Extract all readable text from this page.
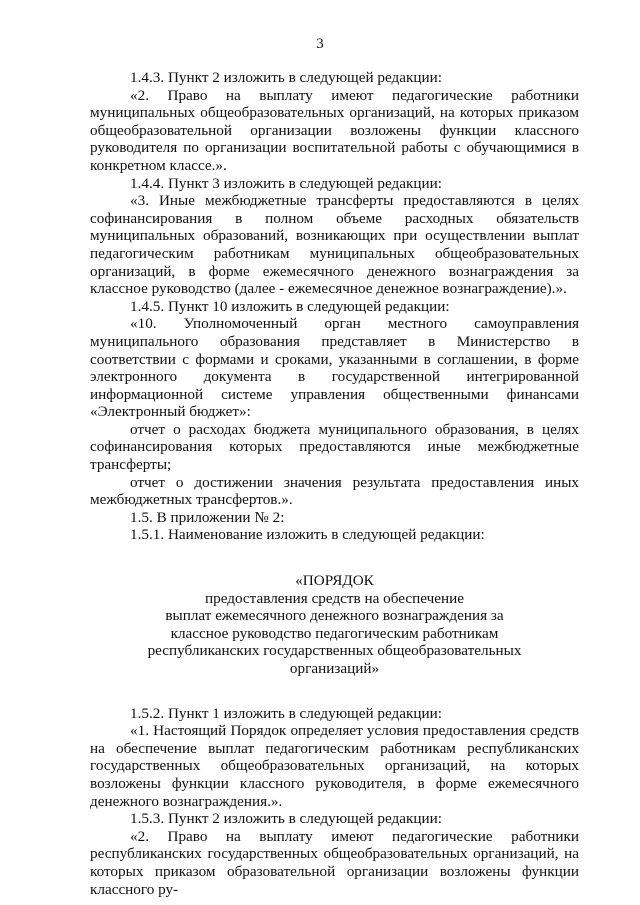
3

1.4.3. Пункт 2 изложить в следующей редакции:

«2. Право на выплату имеют педагогические работники муниципальных общеобразовательных организаций, на которых приказом общеобразовательной организации возложены функции классного руководителя по организации воспитательной работы с обучающимися в конкретном классе.».

1.4.4. Пункт 3 изложить в следующей редакции:

«3. Иные межбюджетные трансферты предоставляются в целях софинансирования в полном объеме расходных обязательств муниципальных образований, возникающих при осуществлении выплат педагогическим работникам муниципальных общеобразовательных организаций, в форме ежемесячного денежного вознаграждения за классное руководство (далее - ежемесячное денежное вознаграждение).».

1.4.5. Пункт 10 изложить в следующей редакции:

«10. Уполномоченный орган местного самоуправления муниципального образования представляет в Министерство в соответствии с формами и сроками, указанными в соглашении, в форме электронного документа в государственной интегрированной информационной системе управления общественными финансами «Электронный бюджет»:

отчет о расходах бюджета муниципального образования, в целях софинансирования которых предоставляются иные межбюджетные трансферты;

отчет о достижении значения результата предоставления иных межбюджетных трансфертов.».

1.5. В приложении № 2:

1.5.1. Наименование изложить в следующей редакции:

«ПОРЯДОК
предоставления средств на обеспечение
выплат ежемесячного денежного вознаграждения за
классное руководство педагогическим работникам
республиканских государственных общеобразовательных
организаций»

1.5.2. Пункт 1 изложить в следующей редакции:

«1. Настоящий Порядок определяет условия предоставления средств на обеспечение выплат педагогическим работникам республиканских государственных общеобразовательных организаций, на которых возложены функции классного руководителя, в форме ежемесячного денежного вознаграждения.».

1.5.3. Пункт 2 изложить в следующей редакции:

«2. Право на выплату имеют педагогические работники республиканских государственных общеобразовательных организаций, на которых приказом образовательной организации возложены функции классного ру-
